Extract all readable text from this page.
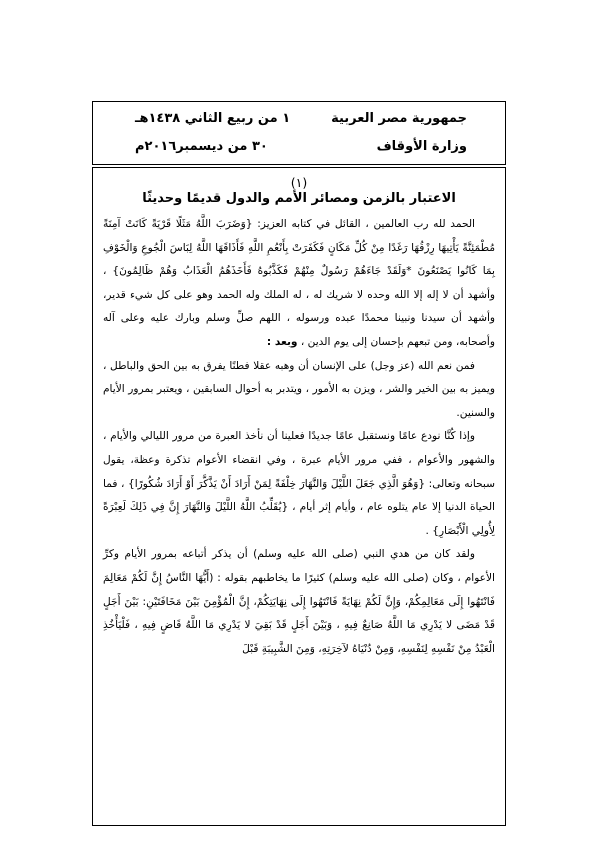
جمهورية مصر العربية
١ من ربيع الثاني ١٤٣٨هـ
وزارة الأوقاف
٣٠ من ديسمبر٢٠١٦م

(١)

الاعتبار بالزمن ومصائر الأمم والدول قديمًا وحديثًا

الحمد لله رب العالمين ، القائل في كتابه العزيز: {وَضَرَبَ اللَّهُ مَثَلًا قَرْيَةً كَانَتْ آمِنَةً مُطْمَئِنَّةً يَأْتِيهَا رِزْقُهَا رَغَدًا مِنْ كُلِّ مَكَانٍ فَكَفَرَتْ بِأَنْعُمِ اللَّهِ فَأَذَاقَهَا اللَّهُ لِبَاسَ الْجُوعِ وَالْخَوْفِ بِمَا كَانُوا يَصْنَعُونَ *وَلَقَدْ جَاءَهُمْ رَسُولٌ مِنْهُمْ فَكَذَّبُوهُ فَأَخَذَهُمُ الْعَذَابُ وَهُمْ ظَالِمُونَ} ، وأشهد أن لا إله إلا الله وحده لا شريك له ، له الملك وله الحمد وهو على كل شيء قدير، وأشهد أن سيدنا ونبينا محمدًا عبده ورسوله ، اللهم صلِّ وسلم وبارك عليه وعلى آله وأصحابه، ومن تبعهم بإحسان إلى يوم الدين ، وبعد :

فمن نعم الله (عز وجل) على الإنسان أن وهبه عقلا فطنًا يفرق به بين الحق والباطل ، ويميز به بين الخير والشر ، ويزن به الأمور ، ويتدبر به أحوال السابقين ، ويعتبر بمرور الأيام والسنين.

وإذا كُنَّا نودع عامًا ونستقبل عامًا جديدًا فعلينا أن نأخذ العبرة من مرور الليالي والأيام ، والشهور والأعوام ، ففي مرور الأيام عبرة ، وفي انقضاء الأعوام تذكرة وعظة، يقول سبحانه وتعالى: {وَهُوَ الَّذِي جَعَلَ اللَّيْلَ وَالنَّهَارَ خِلْفَةً لِمَنْ أَرَادَ أَنْ يَذَّكَّرَ أَوْ أَرَادَ شُكُورًا} ، فما الحياة الدنيا إلا عام يتلوه عام ، وأيام إثر أيام ، {يُقَلِّبُ اللَّهُ اللَّيْلَ وَالنَّهَارَ إِنَّ فِي ذَلِكَ لَعِبْرَةً لِأُولِي الْأَبْصَارِ} .

ولقد كان من هدي النبي (صلى الله عليه وسلم) أن يذكر أتباعه بمرور الأيام وكرِّ الأعوام ، وكان (صلى الله عليه وسلم) كثيرًا ما يخاطبهم بقوله : (أَيُّهَا النَّاسُ إِنَّ لَكُمْ مَعَالِمَ فَانْتَهُوا إِلَى مَعَالِمِكُمْ، وَإِنَّ لَكُمْ نِهَايَةً فَانْتَهُوا إِلَى نِهَايَتِكُمْ، إِنَّ الْمُؤْمِنَ بَيْنَ مَخَافَتَيْنِ: بَيْنَ أَجَلٍ قَدْ مَضَى لا يَدْرِي مَا اللَّهُ صَانِعٌ فِيهِ ، وَبَيْنَ أَجَلٍ قَدْ بَقِيَ لا يَدْرِي مَا اللَّهُ قَاضٍ فِيهِ ، فَلْيَأْخُذِ الْعَبْدُ مِنْ نَفْسِهِ لِنَفْسِهِ، وَمِنْ دُنْيَاهُ لآخِرَتِهِ، وَمِنَ الشَّبِيبَةِ قَبْلَ
